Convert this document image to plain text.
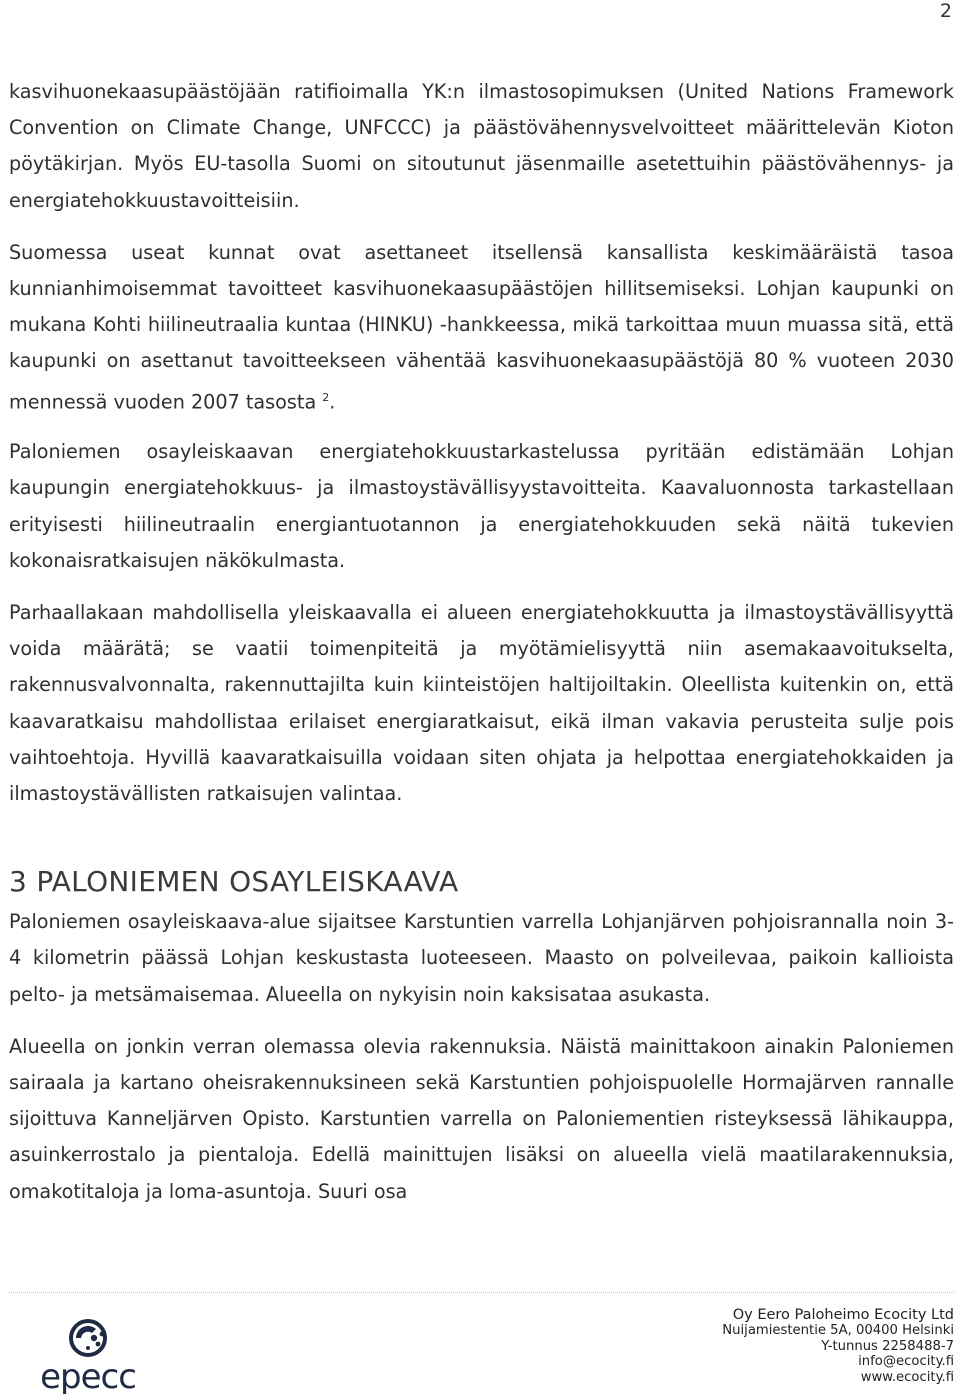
2

kasvihuonekaasupäästöjään ratifioimalla YK:n ilmastosopimuksen (United Nations Framework Convention on Climate Change, UNFCCC) ja päästövähennysvelvoitteet määrittelevän Kioton pöytäkirjan. Myös EU-tasolla Suomi on sitoutunut jäsenmaille asetettuihin päästövähennys- ja energiatehokkuustavoitteisiin.

Suomessa useat kunnat ovat asettaneet itsellensä kansallista keskimääräistä tasoa kunnianhimoisemmat tavoitteet kasvihuonekaasupäästöjen hillitsemiseksi. Lohjan kaupunki on mukana Kohti hiilineutraalia kuntaa (HINKU) -hankkeessa, mikä tarkoittaa muun muassa sitä, että kaupunki on asettanut tavoitteekseen vähentää kasvihuonekaasupäästöjä 80 % vuoteen 2030 mennessä vuoden 2007 tasosta $^2$.

Paloniemen osayleiskaavan energiatehokkuustarkastelussa pyritään edistämään Lohjan kaupungin energiatehokkuus- ja ilmastoystävällisyystavoitteita. Kaavaluonnosta tarkastellaan erityisesti hiilineutraalin energiantuotannon ja energiatehokkuuden sekä näitä tukevien kokonaisratkaisujen näkökulmasta.

Parhaallakaan mahdollisella yleiskaavalla ei alueen energiatehokkuutta ja ilmastoystävällisyyttä voida määrätä; se vaatii toimenpiteitä ja myötämielisyyttä niin asemakaavoitukselta, rakennusvalvonnalta, rakennuttajilta kuin kiinteistöjen haltijoiltakin. Oleellista kuitenkin on, että kaavaratkaisu mahdollistaa erilaiset energiaratkaisut, eikä ilman vakavia perusteita sulje pois vaihtoehtoja. Hyvillä kaavaratkaisuilla voidaan siten ohjata ja helpottaa energiatehokkaiden ja ilmastoystävällisten ratkaisujen valintaa.

3 PALONIEMEN OSAYLEISKAAVA

Paloniemen osayleiskaava-alue sijaitsee Karstuntien varrella Lohjanjärven pohjoisrannalla noin 3-4 kilometrin päässä Lohjan keskustasta luoteeseen. Maasto on polveilevaa, paikoin kallioista pelto- ja metsämaisemaa. Alueella on nykyisin noin kaksisataa asukasta.

Alueella on jonkin verran olemassa olevia rakennuksia. Näistä mainittakoon ainakin Paloniemen sairaala ja kartano oheisrakennuksineen sekä Karstuntien pohjoispuolelle Hormajärven rannalle sijoittuva Kanneljärven Opisto. Karstuntien varrella on Paloniementien risteyksessä lähikauppa, asuinkerrostalo ja pientaloja. Edellä mainittujen lisäksi on alueella vielä maatilarakennuksia, omakotitaloja ja loma-asuntoja. Suuri osa

epecc
Oy Eero Paloheimo Ecocity Ltd
Nuijamiestentie 5A, 00400 Helsinki
Y-tunnus 2258488-7
info@ecocity.fi
www.ecocity.fi
